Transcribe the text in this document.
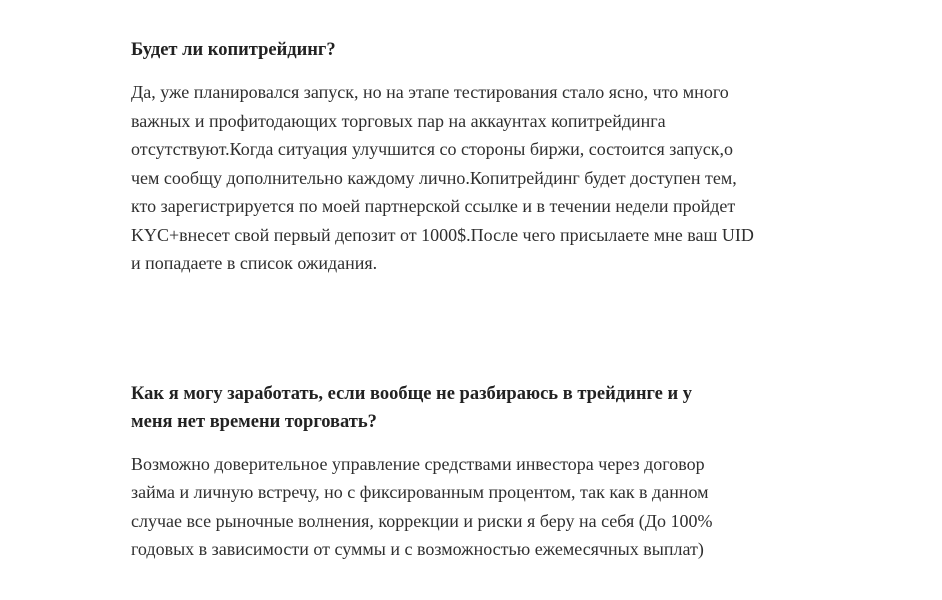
Будет ли копитрейдинг?

Да, уже планировался запуск, но на этапе тестирования стало ясно, что много
важных и профитодающих торговых пар на аккаунтах копитрейдинга
отсутствуют.Когда ситуация улучшится со стороны биржи, состоится запуск,о
чем сообщу дополнительно каждому лично.Копитрейдинг будет доступен тем,
кто зарегистрируется по моей партнерской ссылке и в течении недели пройдет
KYC+внесет свой первый депозит от 1000$.После чего присылаете мне ваш UID
и попадаете в список ожидания.

Как я могу заработать, если вообще не разбираюсь в трейдинге и у
меня нет времени торговать?

Возможно доверительное управление средствами инвестора через договор
займа и личную встречу, но с фиксированным процентом, так как в данном
случае все рыночные волнения, коррекции и риски я беру на себя (До 100%
годовых в зависимости от суммы и с возможностью ежемесячных выплат)
